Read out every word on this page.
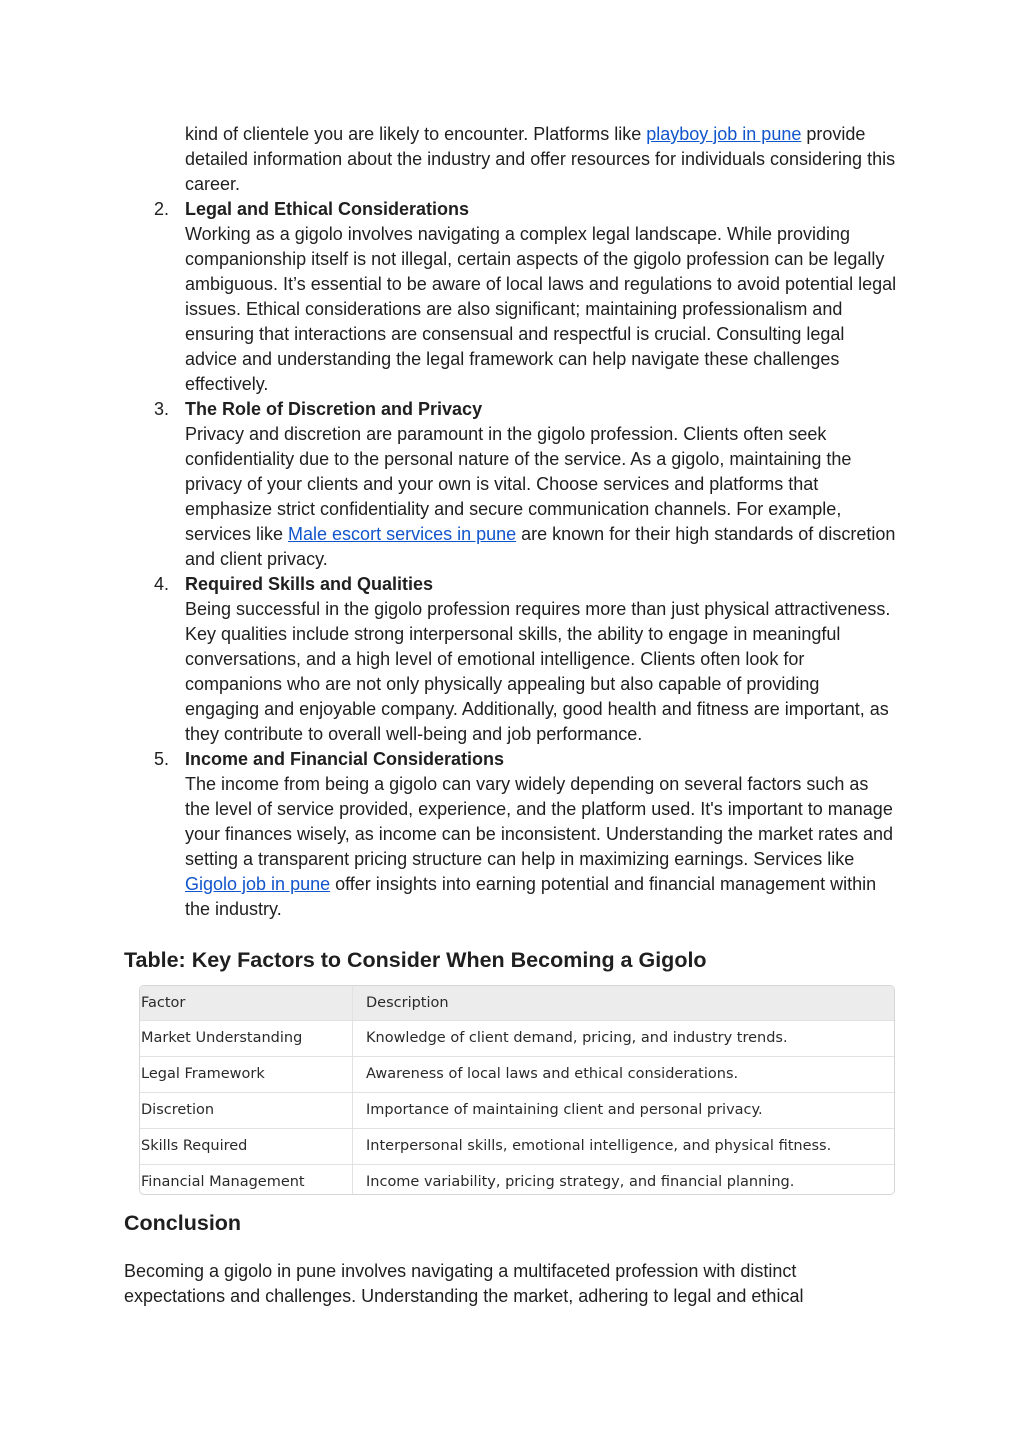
kind of clientele you are likely to encounter. Platforms like playboy job in pune provide detailed information about the industry and offer resources for individuals considering this career.

2. Legal and Ethical Considerations

Working as a gigolo involves navigating a complex legal landscape. While providing companionship itself is not illegal, certain aspects of the gigolo profession can be legally ambiguous. It’s essential to be aware of local laws and regulations to avoid potential legal issues. Ethical considerations are also significant; maintaining professionalism and ensuring that interactions are consensual and respectful is crucial. Consulting legal advice and understanding the legal framework can help navigate these challenges effectively.

3. The Role of Discretion and Privacy

Privacy and discretion are paramount in the gigolo profession. Clients often seek confidentiality due to the personal nature of the service. As a gigolo, maintaining the privacy of your clients and your own is vital. Choose services and platforms that emphasize strict confidentiality and secure communication channels. For example, services like Male escort services in pune are known for their high standards of discretion and client privacy.

4. Required Skills and Qualities

Being successful in the gigolo profession requires more than just physical attractiveness. Key qualities include strong interpersonal skills, the ability to engage in meaningful conversations, and a high level of emotional intelligence. Clients often look for companions who are not only physically appealing but also capable of providing engaging and enjoyable company. Additionally, good health and fitness are important, as they contribute to overall well-being and job performance.

5. Income and Financial Considerations

The income from being a gigolo can vary widely depending on several factors such as the level of service provided, experience, and the platform used. It's important to manage your finances wisely, as income can be inconsistent. Understanding the market rates and setting a transparent pricing structure can help in maximizing earnings. Services like Gigolo job in pune offer insights into earning potential and financial management within the industry.

Table: Key Factors to Consider When Becoming a Gigolo
Factor	Description
Market Understanding	Knowledge of client demand, pricing, and industry trends.
Legal Framework	Awareness of local laws and ethical considerations.
Discretion	Importance of maintaining client and personal privacy.
Skills Required	Interpersonal skills, emotional intelligence, and physical fitness.
Financial Management	Income variability, pricing strategy, and financial planning.
Conclusion

Becoming a gigolo in pune involves navigating a multifaceted profession with distinct expectations and challenges. Understanding the market, adhering to legal and ethical
